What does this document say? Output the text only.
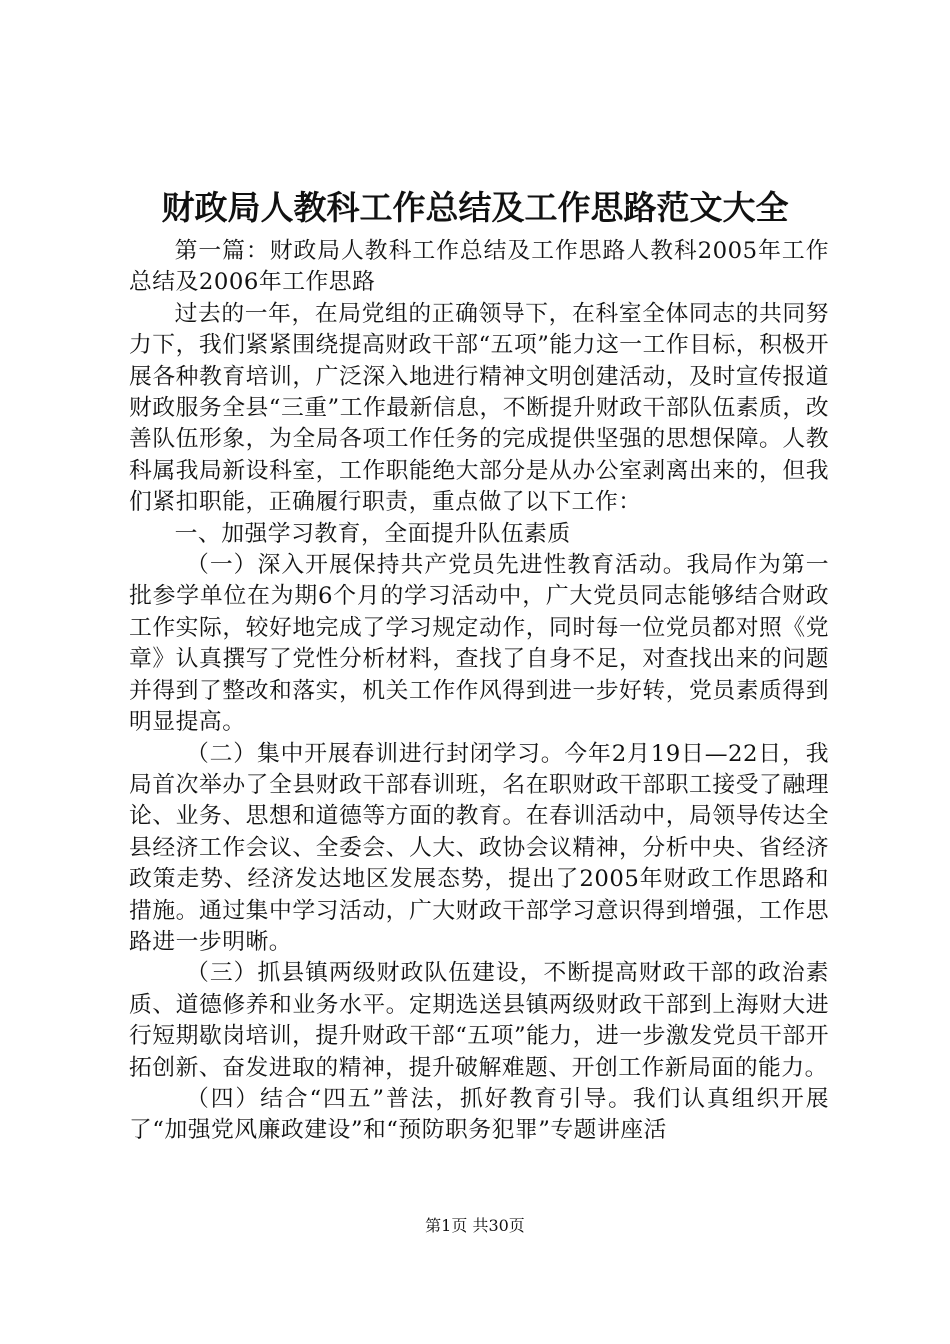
财政局人教科工作总结及工作思路范文大全

第一篇：财政局人教科工作总结及工作思路人教科2005年工作总结及2006年工作思路

过去的一年，在局党组的正确领导下，在科室全体同志的共同努力下，我们紧紧围绕提高财政干部“五项”能力这一工作目标，积极开展各种教育培训，广泛深入地进行精神文明创建活动，及时宣传报道财政服务全县“三重”工作最新信息，不断提升财政干部队伍素质，改善队伍形象，为全局各项工作任务的完成提供坚强的思想保障。人教科属我局新设科室，工作职能绝大部分是从办公室剥离出来的，但我们紧扣职能，正确履行职责，重点做了以下工作：

一、加强学习教育，全面提升队伍素质

（一）深入开展保持共产党员先进性教育活动。我局作为第一批参学单位在为期6个月的学习活动中，广大党员同志能够结合财政工作实际，较好地完成了学习规定动作，同时每一位党员都对照《党章》认真撰写了党性分析材料，查找了自身不足，对查找出来的问题并得到了整改和落实，机关工作作风得到进一步好转，党员素质得到明显提高。

（二）集中开展春训进行封闭学习。今年2月19日—22日，我局首次举办了全县财政干部春训班，名在职财政干部职工接受了融理论、业务、思想和道德等方面的教育。在春训活动中，局领导传达全县经济工作会议、全委会、人大、政协会议精神，分析中央、省经济政策走势、经济发达地区发展态势，提出了2005年财政工作思路和措施。通过集中学习活动，广大财政干部学习意识得到增强，工作思路进一步明晰。

（三）抓县镇两级财政队伍建设，不断提高财政干部的政治素质、道德修养和业务水平。定期选送县镇两级财政干部到上海财大进行短期歇岗培训，提升财政干部“五项”能力，进一步激发党员干部开拓创新、奋发进取的精神，提升破解难题、开创工作新局面的能力。

（四）结合“四五”普法，抓好教育引导。我们认真组织开展了“加强党风廉政建设”和“预防职务犯罪”专题讲座活

第1页 共30页
